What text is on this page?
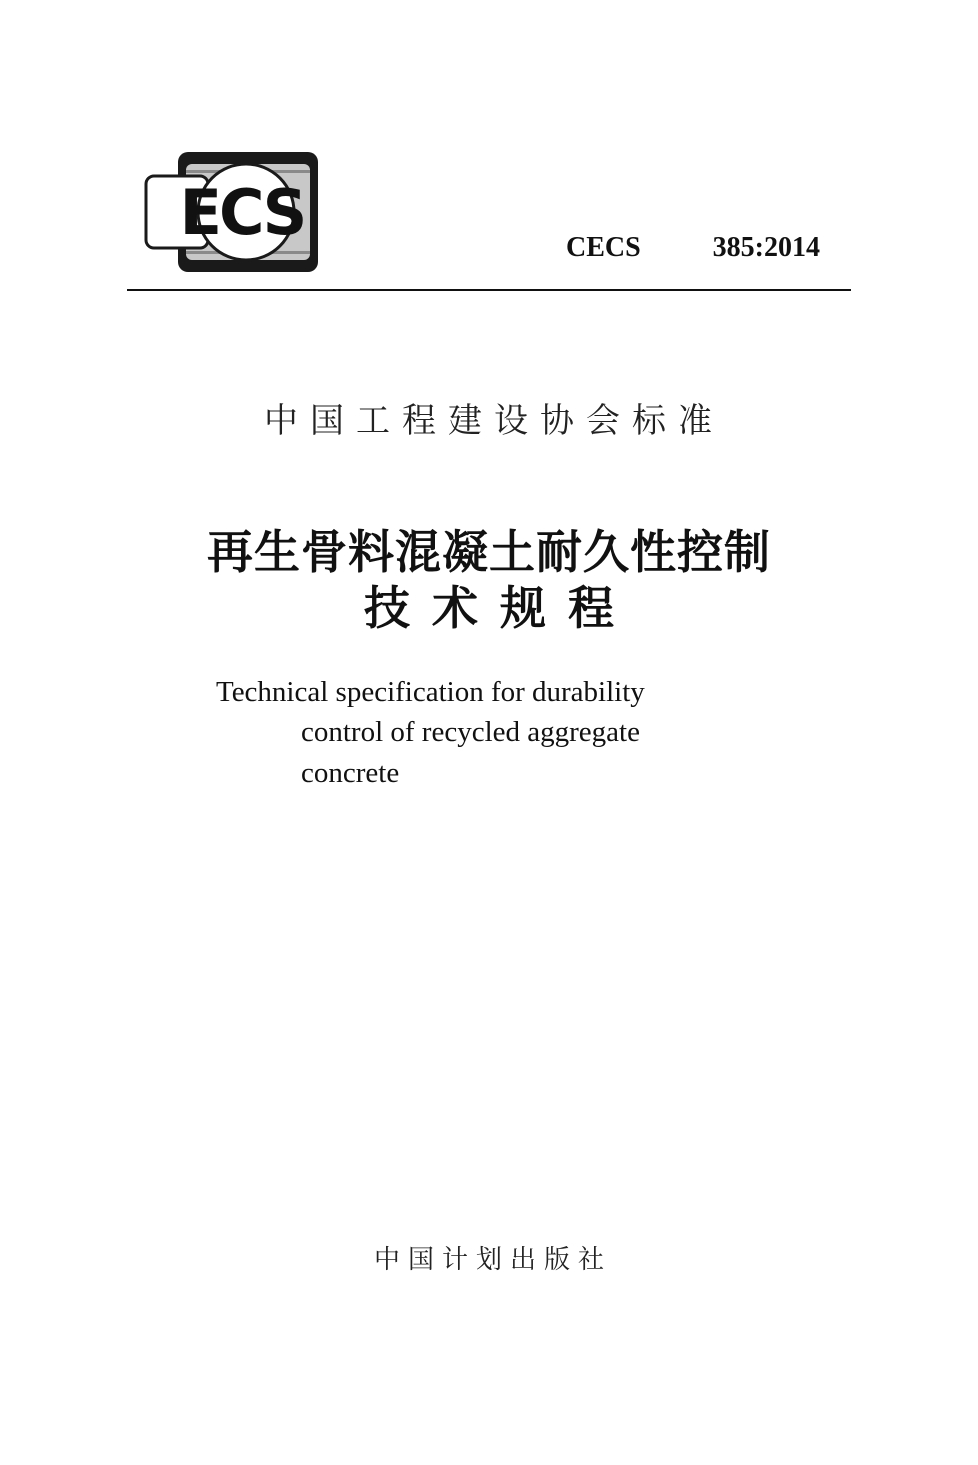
ECS	CECS	385:2014
中国工程建设协会标准
再生骨料混凝土耐久性控制
技术规程
Technical specification for durability
control of recycled aggregate
concrete
中国计划出版社
